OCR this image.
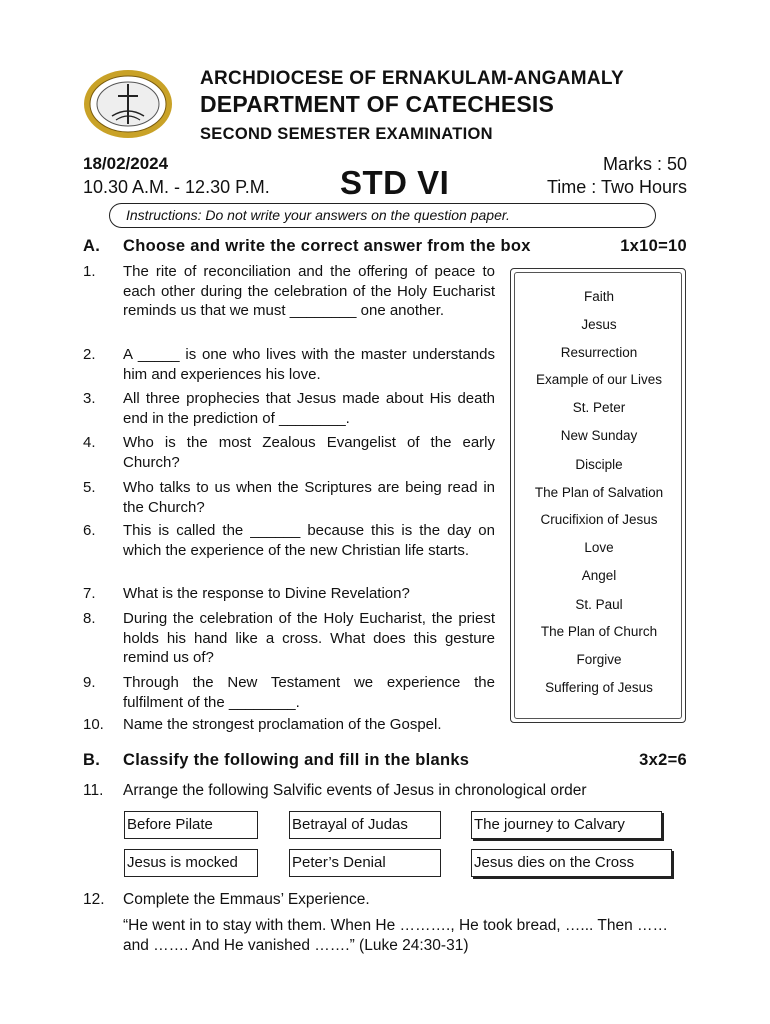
ARCHDIOCESE OF ERNAKULAM-ANGAMALY
DEPARTMENT OF CATECHESIS
SECOND SEMESTER EXAMINATION
18/02/2024
10.30 A.M. - 12.30 P.M. STD VI	Marks : 50
Time : Two Hours
Instructions: Do not write your answers on the question paper.
A. Choose and write the correct answer from the box	1x10=10
1.	The rite of reconciliation and the offering of peace to each other during the celebration of the Holy Eucharist reminds us that we must ________ one another.
2.	A _____ is one who lives with the master understands him and experiences his love.
3.	All three prophecies that Jesus made about His death end in the prediction of ________.
4.	Who is the most Zealous Evangelist of the early Church?
5.	Who talks to us when the Scriptures are being read in the Church?
6.	This is called the ______ because this is the day on which the experience of the new Christian life starts.
7.	What is the response to Divine Revelation?
8.	During the celebration of the Holy Eucharist, the priest holds his hand like a cross. What does this gesture remind us of?
9.	Through the New Testament we experience the fulfilment of the ________.
10.	Name the strongest proclamation of the Gospel.
Faith
Jesus
Resurrection
Example of our Lives
St. Peter
New Sunday
Disciple
The Plan of Salvation
Crucifixion of Jesus
Love
Angel
St. Paul
The Plan of Church
Forgive
Suffering of Jesus
B. Classify the following and fill in the blanks	3x2=6
11.	Arrange the following Salvific events of Jesus in chronological order
Before Pilate	Betrayal of Judas	The journey to Calvary
Jesus is mocked	Peter’s Denial	Jesus dies on the Cross
12.	Complete the Emmaus’ Experience.
“He went in to stay with them. When He ………., He took bread, …... Then …… and ……. And He vanished …….” (Luke 24:30-31)
